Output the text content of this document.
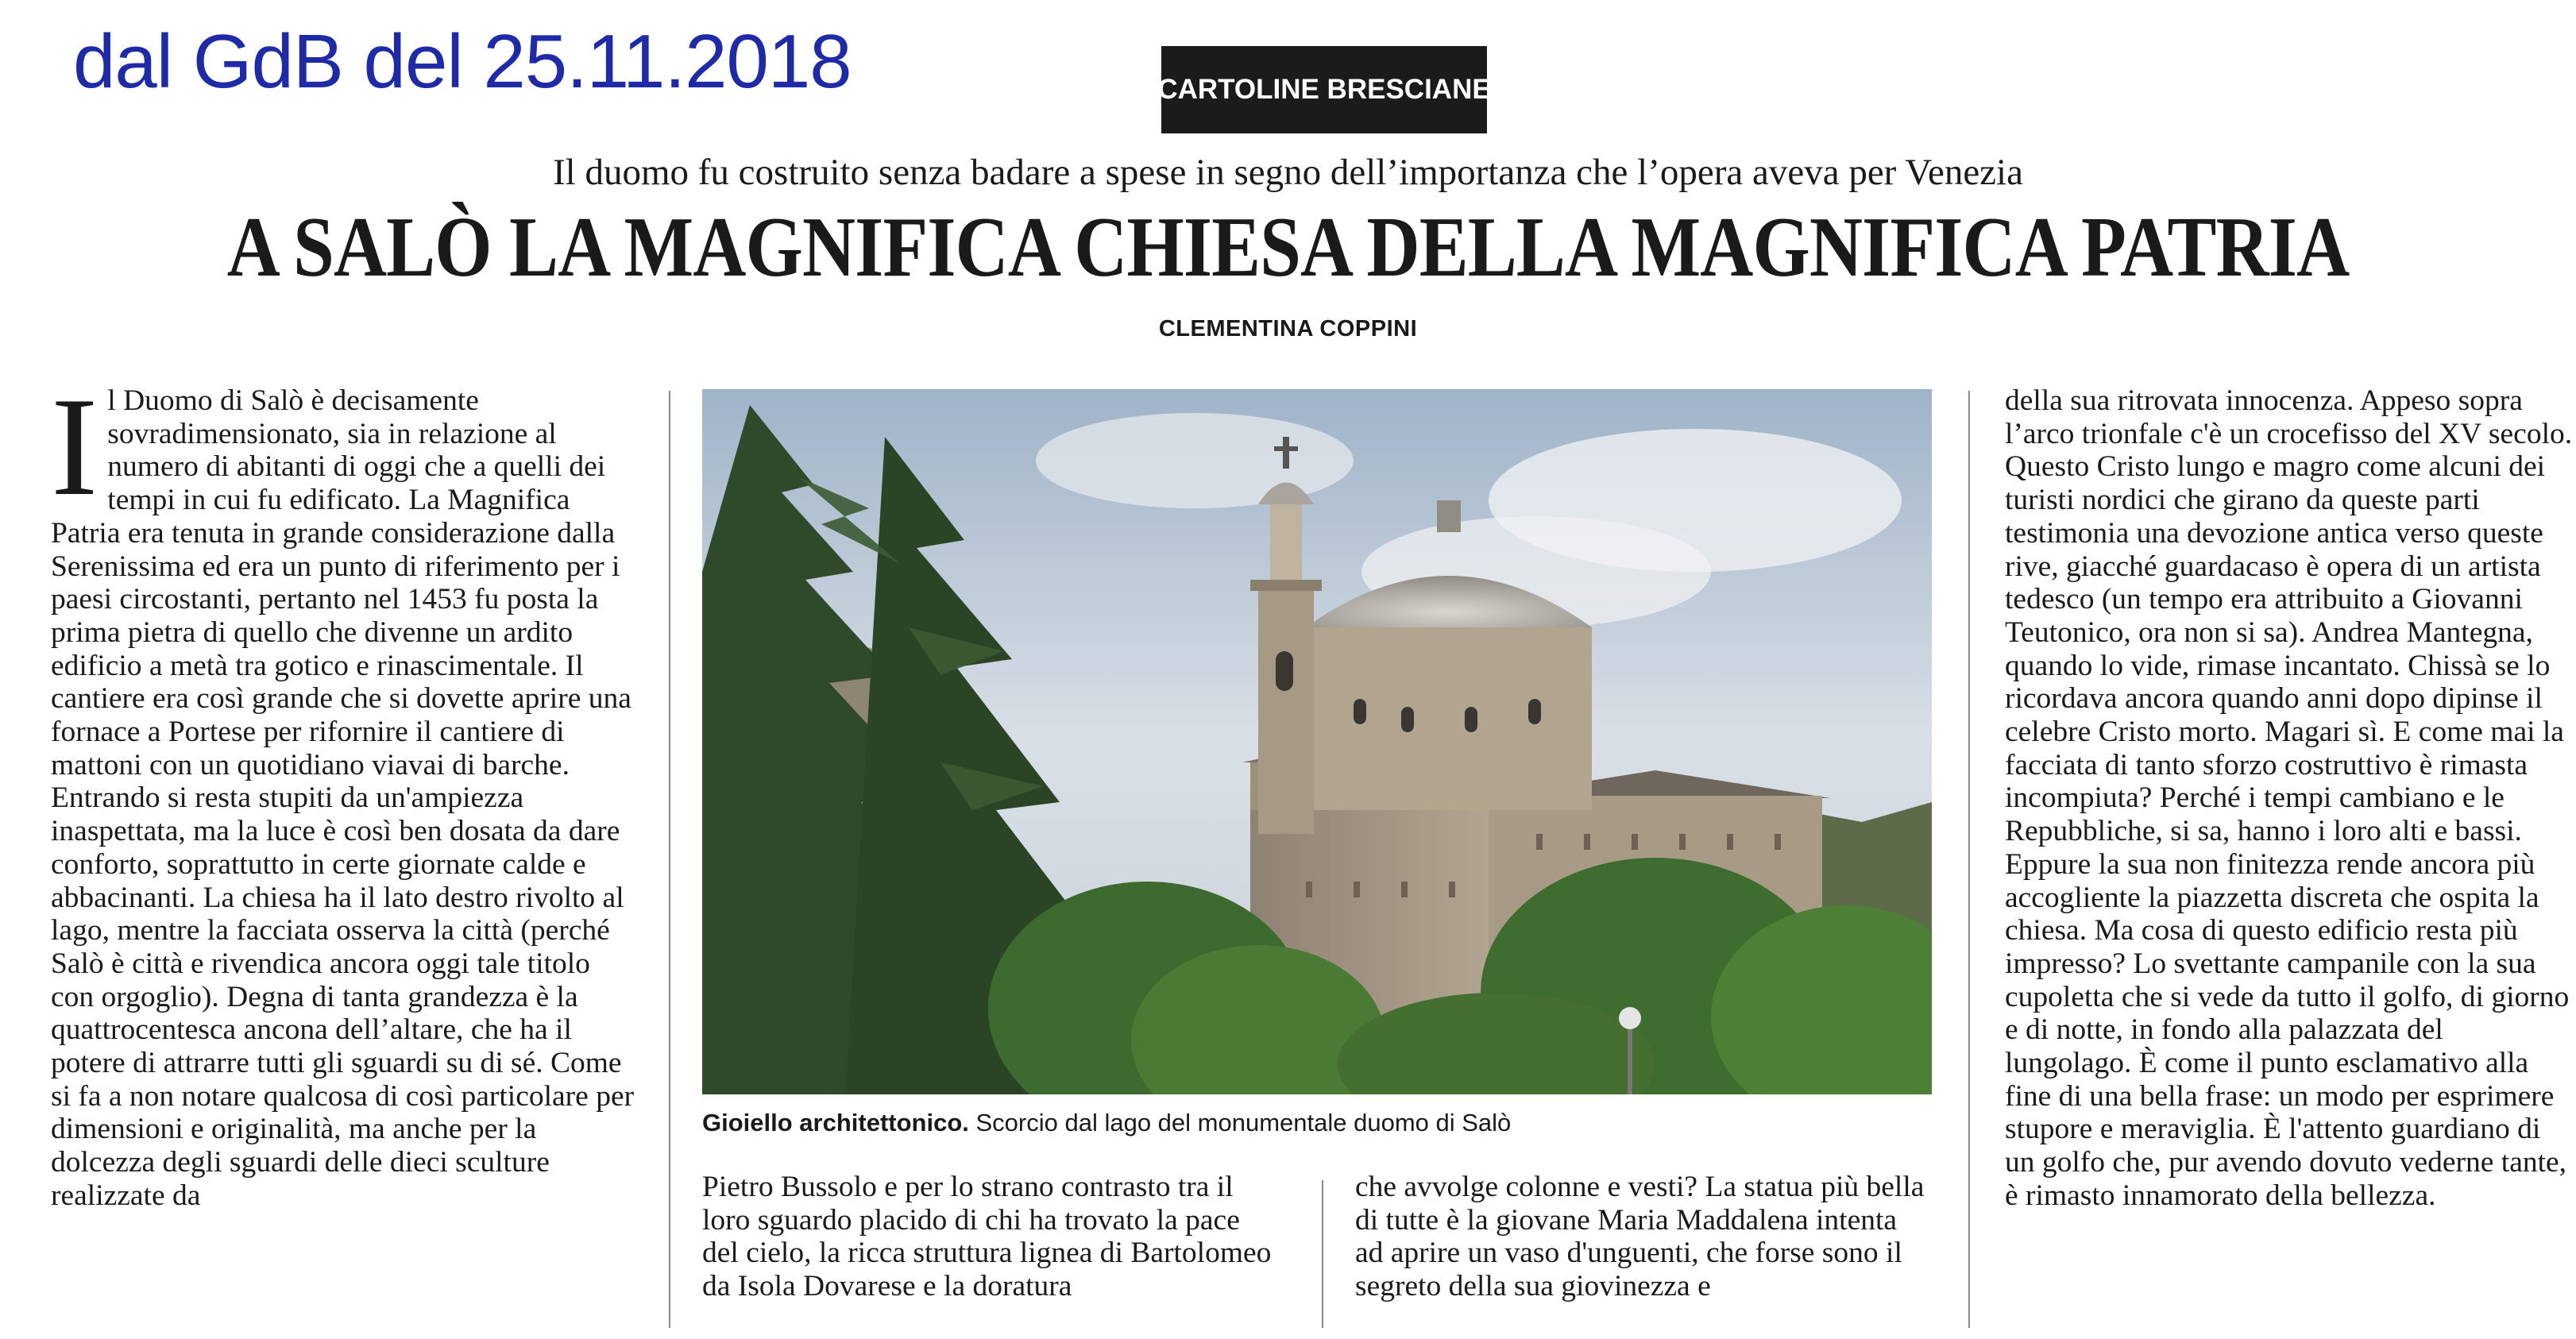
dal GdB del 25.11.2018	CARTOLINE BRESCIANE
Il duomo fu costruito senza badare a spese in segno dell’importanza che l’opera aveva per Venezia
A SALÒ LA MAGNIFICA CHIESA DELLA MAGNIFICA PATRIA
CLEMENTINA COPPINI
I l Duomo di Salò è decisamente sovradimensionato, sia in relazione al numero di abitanti di oggi che a quelli dei tempi in cui fu edificato. La Magnifica Patria era tenuta in grande considerazione dalla Serenissima ed era un punto di riferimento per i paesi circostanti, pertanto nel 1453 fu posta la prima pietra di quello che divenne un ardito edificio a metà tra gotico e rinascimentale. Il cantiere era così grande che si dovette aprire una fornace a Portese per rifornire il cantiere di mattoni con un quotidiano viavai di barche. Entrando si resta stupiti da un'ampiezza inaspettata, ma la luce è così ben dosata da dare conforto, soprattutto in certe giornate calde e abbacinanti. La chiesa ha il lato destro rivolto al lago, mentre la facciata osserva la città (perché Salò è città e rivendica ancora oggi tale titolo con orgoglio). Degna di tanta grandezza è la quattrocentesca ancona dell’altare, che ha il potere di attrarre tutti gli sguardi su di sé. Come si fa a non notare qualcosa di così particolare per dimensioni e originalità, ma anche per la dolcezza degli sguardi delle dieci sculture realizzate da
Gioiello architettonico. Scorcio dal lago del monumentale duomo di Salò

Pietro Bussolo e per lo strano contrasto tra il loro sguardo placido di chi ha trovato la pace del cielo, la ricca struttura lignea di Bartolomeo da Isola Dovarese e la doratura

che avvolge colonne e vesti? La statua più bella di tutte è la giovane Maria Maddalena intenta ad aprire un vaso d'unguenti, che forse sono il segreto della sua giovinezza e

della sua ritrovata innocenza. Appeso sopra l’arco trionfale c'è un crocefisso del XV secolo. Questo Cristo lungo e magro come alcuni dei turisti nordici che girano da queste parti testimonia una devozione antica verso queste rive, giacché guardacaso è opera di un artista tedesco (un tempo era attribuito a Giovanni Teutonico, ora non si sa). Andrea Mantegna, quando lo vide, rimase incantato. Chissà se lo ricordava ancora quando anni dopo dipinse il celebre Cristo morto. Magari sì. E come mai la facciata di tanto sforzo costruttivo è rimasta incompiuta? Perché i tempi cambiano e le Repubbliche, si sa, hanno i loro alti e bassi. Eppure la sua non finitezza rende ancora più accogliente la piazzetta discreta che ospita la chiesa. Ma cosa di questo edificio resta più impresso? Lo svettante campanile con la sua cupoletta che si vede da tutto il golfo, di giorno e di notte, in fondo alla palazzata del lungolago. È come il punto esclamativo alla fine di una bella frase: un modo per esprimere stupore e meraviglia. È l'attento guardiano di un golfo che, pur avendo dovuto vederne tante, è rimasto innamorato della bellezza.
